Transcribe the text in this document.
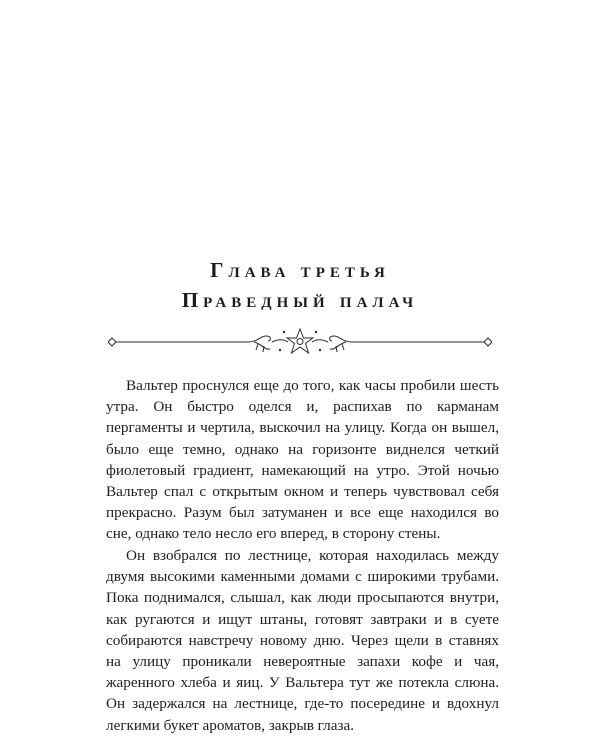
Глава третья
Праведный палач

Вальтер проснулся еще до того, как часы пробили шесть утра. Он быстро оделся и, распихав по карманам пергаменты и чертила, выскочил на улицу. Когда он вышел, было еще темно, однако на горизонте виднелся четкий фиолетовый градиент, намекающий на утро. Этой ночью Вальтер спал с открытым окном и теперь чувствовал себя прекрасно. Разум был затуманен и все еще находился во сне, однако тело несло его вперед, в сторону стены.

Он взобрался по лестнице, которая находилась между двумя высокими каменными домами с широкими трубами. Пока поднимался, слышал, как люди просыпаются внутри, как ругаются и ищут штаны, готовят завтраки и в суете собираются навстречу новому дню. Через щели в ставнях на улицу проникали невероятные запахи кофе и чая, жаренного хлеба и яиц. У Вальтера тут же потекла слюна. Он задержался на лестнице, где-то посередине и вдохнул легкими букет ароматов, закрыв глаза.
